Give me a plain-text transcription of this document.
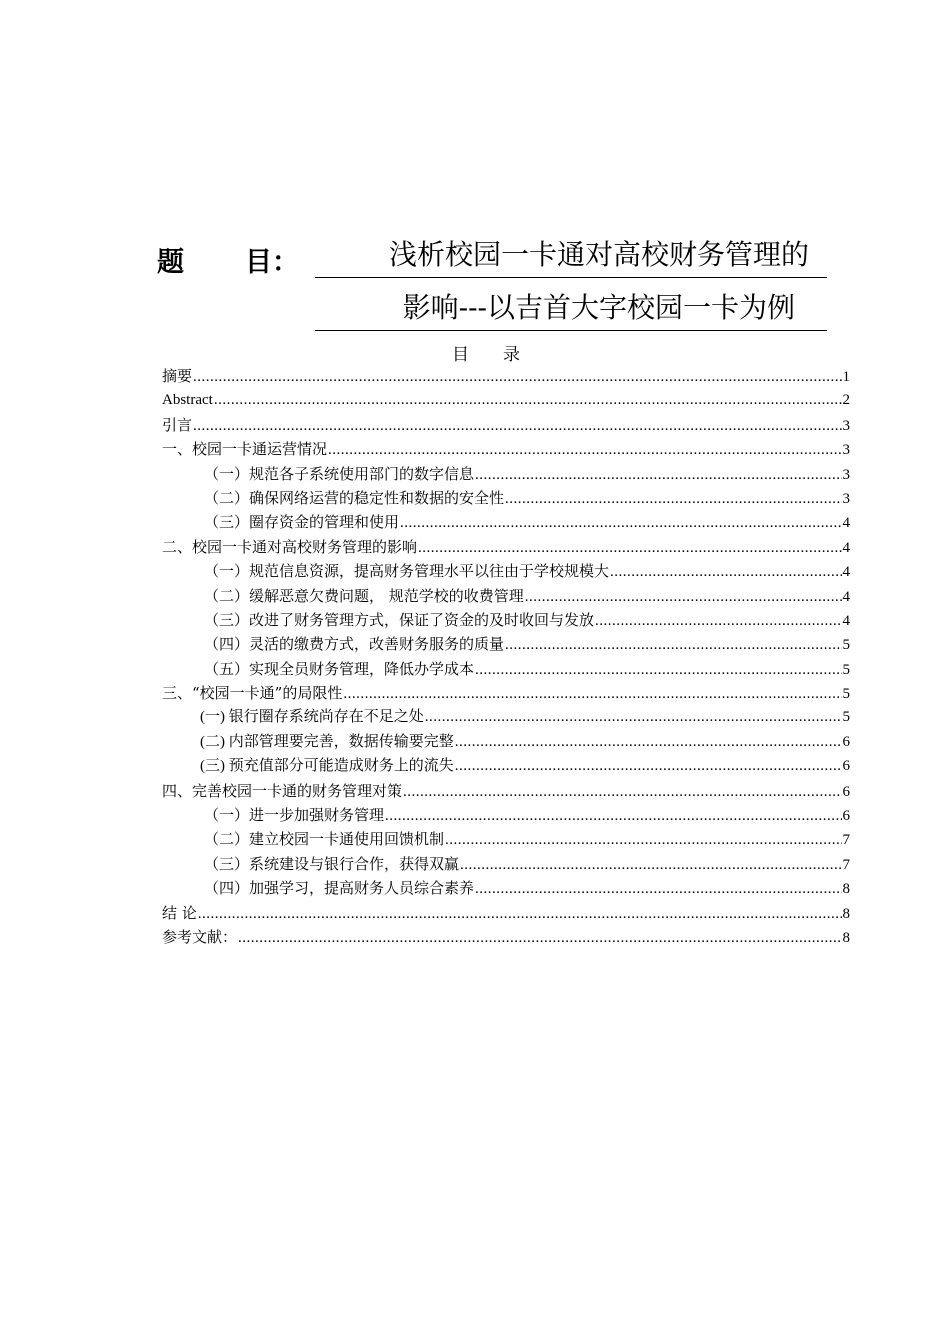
题 目：	浅析校园一卡通对高校财务管理的
影响---以吉首大字校园一卡为例
目 录
摘要 .....	1
Abstract .....	2
引言 .....	3
一、校园一卡通运营情况 .....	3
（一）规范各子系统使用部门的数字信息 .....	3
（二）确保网络运营的稳定性和数据的安全性 .....	3
（三）圈存资金的管理和使用 .....	4
二、校园一卡通对高校财务管理的影响 .....	4
（一）规范信息资源，提高财务管理水平以往由于学校规模大 .....	4
（二）缓解恶意欠费问题， 规范学校的收费管理 .....	4
（三）改进了财务管理方式，保证了资金的及时收回与发放 .....	4
（四）灵活的缴费方式，改善财务服务的质量 .....	5
（五）实现全员财务管理，降低办学成本 .....	5
三、“校园一卡通”的局限性 .....	5
(一) 银行圈存系统尚存在不足之处 .....	5
(二) 内部管理要完善，数据传输要完整 .....	6
(三) 预充值部分可能造成财务上的流失 .....	6
四、完善校园一卡通的财务管理对策 .....	6
（一）进一步加强财务管理 .....	6
（二）建立校园一卡通使用回馈机制 .....	7
（三）系统建设与银行合作，获得双赢 .....	7
（四）加强学习，提高财务人员综合素养 .....	8
结 论 .....	8
参考文献： .....	8
